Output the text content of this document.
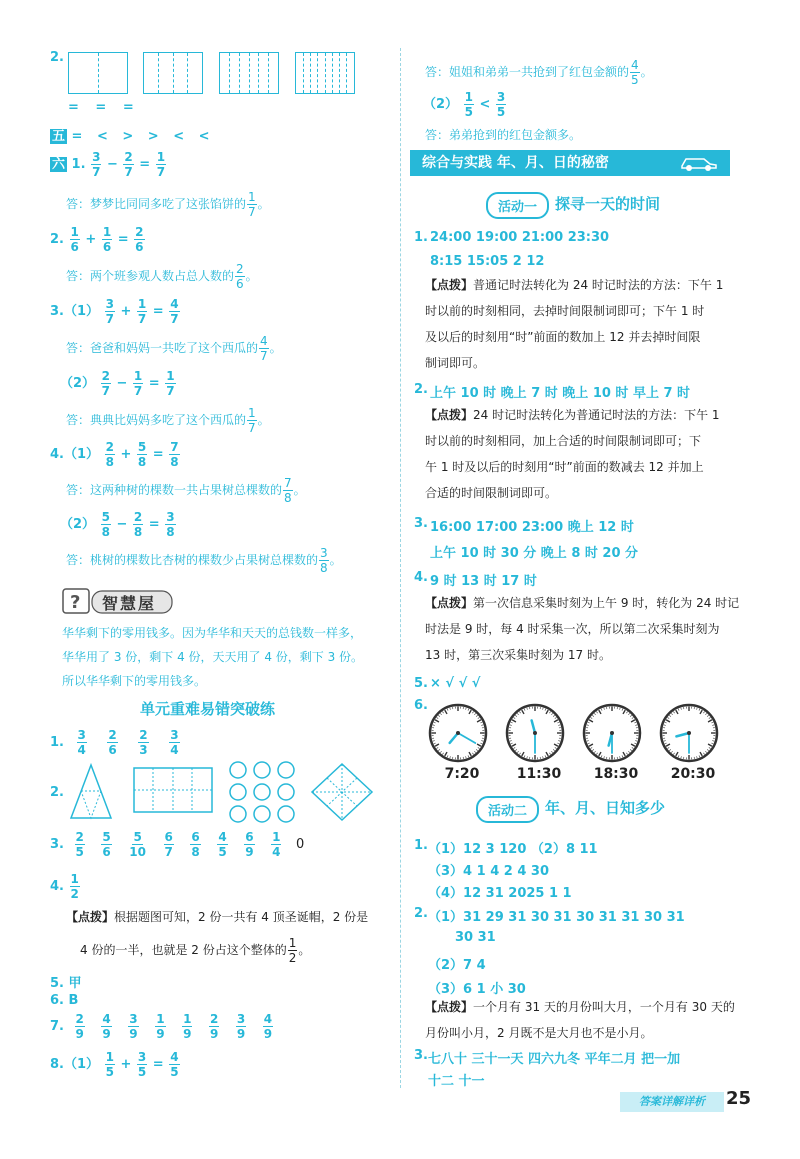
2.
= = =
五 = < > > < <
六 1. $\frac{3}{7} - \frac{2}{7} = \frac{1}{7}$
答：梦梦比同同多吃了这张馅饼的 $\frac{1}{7}$ 。
2. $\frac{1}{6} + \frac{1}{6} = \frac{2}{6}$
答：两个班参观人数占总人数的 $\frac{2}{6}$ 。
$3.(1) \frac{3}{7} + \frac{1}{7} = \frac{4}{7}$
答：爸爸和妈妈一共吃了这个西瓜的 $\frac{4}{7}$ 。
$(2) \frac{2}{7} - \frac{1}{7} = \frac{1}{7}$
答：典典比妈妈多吃了这个西瓜的 $\frac{1}{7}$ 。
$4.(1) \frac{2}{8} + \frac{5}{8} = \frac{7}{8}$
答：这两种树的棵数一共占果树总棵数的 $\frac{7}{8}$ 。
$(2) \frac{5}{8} - \frac{2}{8} = \frac{3}{8}$
答：桃树的棵数比杏树的棵数少占果树总棵数的 $\frac{3}{8}$ 。
? 智慧屋
华华剩下的零用钱多。因为华华和天天的总钱数一样多，
华华用了 3 份，剩下 4 份，天天用了 4 份，剩下 3 份。
所以华华剩下的零用钱多。
单元重难易错突破练
1. $\frac{3}{4}$
$\frac{2}{6}$
$\frac{2}{3}$
$\frac{3}{4}$
2.
3. $\frac{2}{5}$
$\frac{5}{6}$
$\frac{5}{10}$
$\frac{6}{7}$
$\frac{6}{8}$
$\frac{4}{5}$
$\frac{6}{9}$
$\frac{1}{4} 0$
4. $\frac{1}{2}$
【点拨】根据题图可知，2 份一共有 4 顶圣诞帽，2 份是
4 份的一半，也就是 2 份占这个整体的 $\frac{1}{2}$ 。
5. 甲
6. B
7. $\frac{2}{9}$
$\frac{4}{9}$
$\frac{3}{9}$
$\frac{1}{9}$
$\frac{1}{9}$
$\frac{2}{9}$
$\frac{3}{9}$
$\frac{4}{9}$
$8.(1) \frac{1}{5} + \frac{3}{5} = \frac{4}{5}$
答：姐姐和弟弟一共抢到了红包金额的 $\frac{4}{5}$ 。
$(2) \frac{1}{5} < \frac{3}{5}$
答：弟弟抢到的红包金额多。
综合与实践 年、月、日的秘密
活动一	探寻一天的时间
1. 24:00 19:00 21:00 23:30
8:15 15:05 2 12
【点拨】普通记时法转化为 24 时记时法的方法：下午 1
时以前的时刻相同，去掉时间限制词即可；下午 1 时
及以后的时刻用“时”前面的数加上 12 并去掉时间限
制词即可。
2. 上午 10 时 晚上 7 时 晚上 10 时 早上 7 时
【点拨】24 时记时法转化为普通记时法的方法：下午 1
时以前的时刻相同，加上合适的时间限制词即可；下
午 1 时及以后的时刻用“时”前面的数减去 12 并加上
合适的时间限制词即可。
3. 16:00 17:00 23:00 晚上 12 时
上午 10 时 30 分 晚上 8 时 20 分
4. 9 时 13 时 17 时
【点拨】第一次信息采集时刻为上午 9 时，转化为 24 时记
时法是 9 时，每 4 时采集一次，所以第二次采集时刻为
13 时，第三次采集时刻为 17 时。
5. × √ √ √
6.
7:20	11:30	18:30	20:30
活动二	年、月、日知多少
1. （1）12 3 120 （2）8 11
（3）4 1 4 2 4 30
（4）12 31 2025 1 1
2. （1）31 29 31 30 31 30 31 31 30 31
30 31
（2）7 4
（3）6 1 小 30
【点拨】一个月有 31 天的月份叫大月，一个月有 30 天的
月份叫小月，2 月既不是大月也不是小月。
3. 七八十 三十一天 四六九冬 平年二月 把一加
十二 十一
答案详解详析	25
